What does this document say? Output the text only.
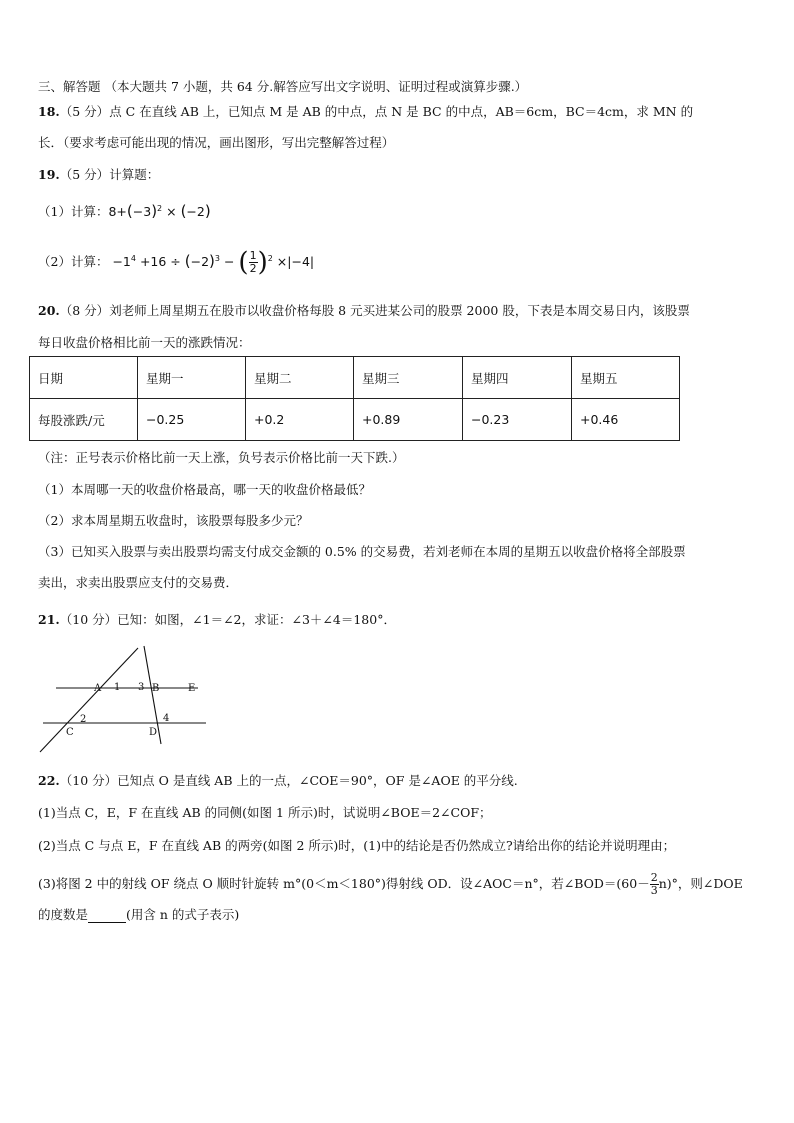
三、解答题 （本大题共 7 小题，共 64 分.解答应写出文字说明、证明过程或演算步骤.）
18.（5 分）点 C 在直线 AB 上，已知点 M 是 AB 的中点，点 N 是 BC 的中点，AB＝6cm，BC＝4cm，求 MN 的
长．（要求考虑可能出现的情况，画出图形，写出完整解答过程）
19.（5 分）计算题：
（1）计算：$8+(-3)^2 \times (-2)$
（2）计算： $-1^4 +16 \div (-2)^3$ − ( $\frac{1}{2} )^2 \times|-4|$
20.（8 分）刘老师上周星期五在股市以收盘价格每股 8 元买进某公司的股票 2000 股，下表是本周交易日内，该股票
每日收盘价格相比前一天的涨跌情况：
日期	星期一	星期二	星期三	星期四	星期五
每股涨跌/元	−0.25	+0.2	+0.89	−0.23	+0.46
（注：正号表示价格比前一天上涨，负号表示价格比前一天下跌.）
（1）本周哪一天的收盘价格最高，哪一天的收盘价格最低？
（2）求本周星期五收盘时，该股票每股多少元？
（3）已知买入股票与卖出股票均需支付成交金额的 0.5% 的交易费，若刘老师在本周的星期五以收盘价格将全部股票
卖出，求卖出股票应支付的交易费．
21.（10 分）已知：如图，∠1＝∠2，求证：∠3＋∠4＝180°．
A 1 3 B	E
2	4
C	D
22.（10 分）已知点 O 是直线 AB 上的一点，∠COE＝90°，OF 是∠AOE 的平分线.
(1)当点 C，E，F 在直线 AB 的同侧(如图 1 所示)时，试说明∠BOE＝2∠COF；
(2)当点 C 与点 E，F 在直线 AB 的两旁(如图 2 所示)时，(1)中的结论是否仍然成立?请给出你的结论并说明理由；
(3)将图 2 中的射线 OF 绕点 O 顺时针旋转 m°(0＜m＜180°)得射线 OD．设∠AOC＝n°，若∠BOD＝(60－ $\frac{2}{3} n)^\circ$，则∠DOE
的度数是	(用含 n 的式子表示)
